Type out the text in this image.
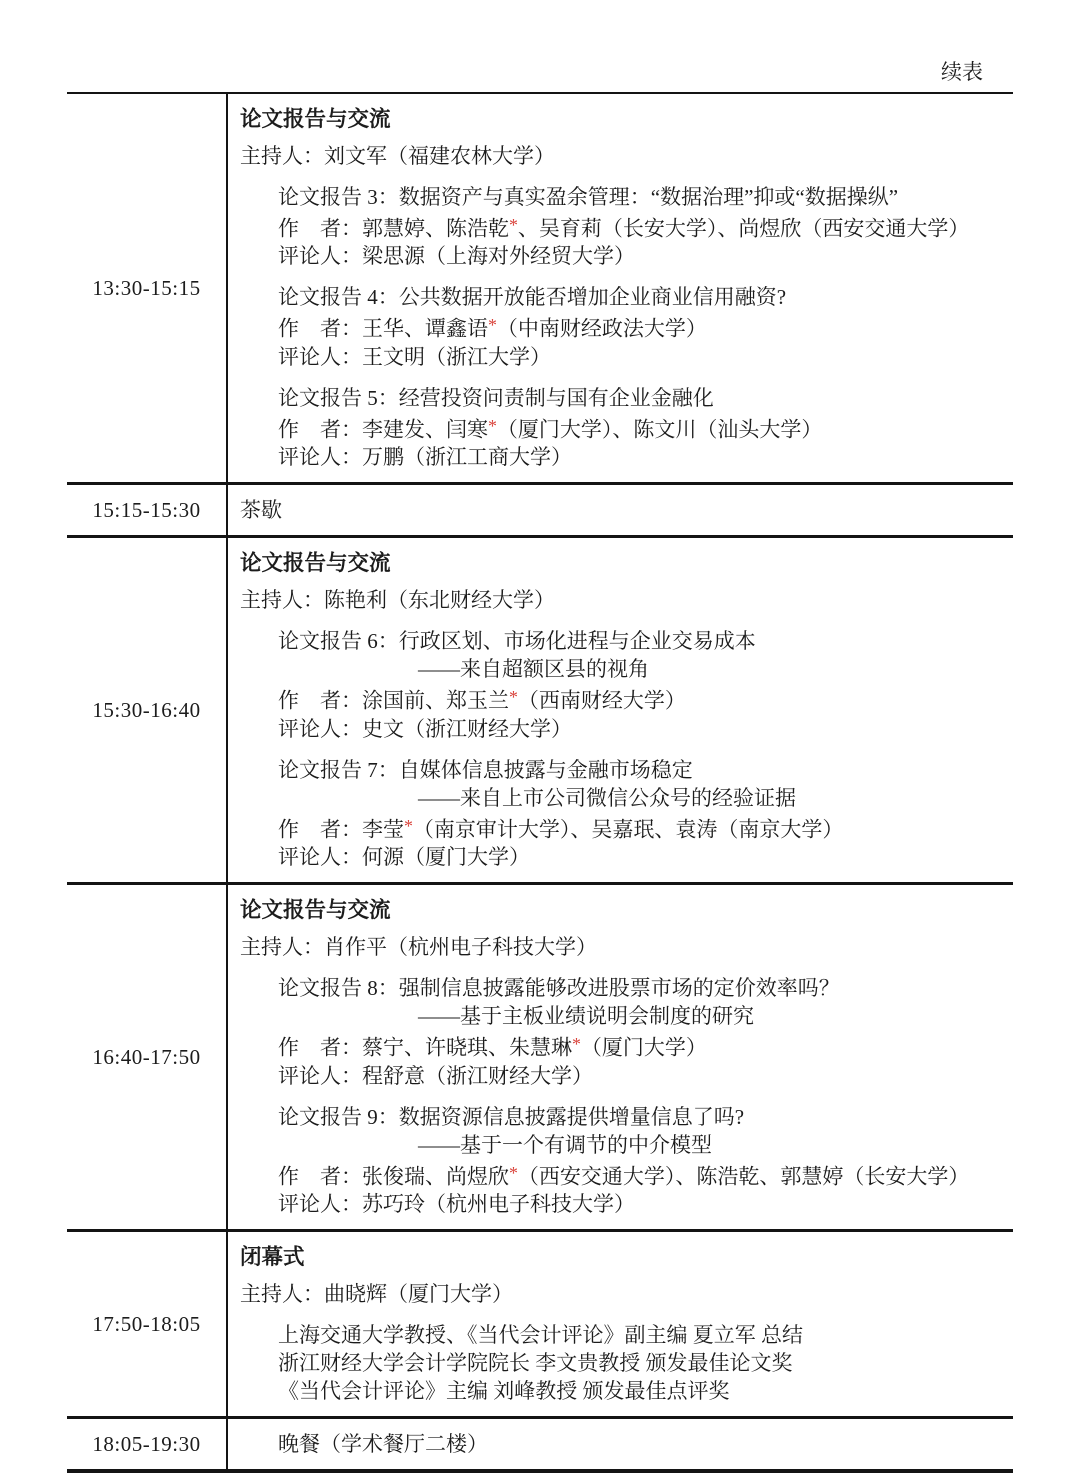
续表
13:30-15:15
论文报告与交流
主持人：刘文军（福建农林大学）
论文报告 3：数据资产与真实盈余管理：“数据治理”抑或“数据操纵”
作　者：郭慧婷、陈浩乾*、吴育莉（长安大学）、尚煜欣（西安交通大学）
评论人：梁思源（上海对外经贸大学）
论文报告 4：公共数据开放能否增加企业商业信用融资?
作　者：王华、谭鑫语*（中南财经政法大学）
评论人：王文明（浙江大学）
论文报告 5：经营投资问责制与国有企业金融化
作　者：李建发、闫寒*（厦门大学）、陈文川（汕头大学）
评论人：万鹏（浙江工商大学）
15:15-15:30	茶歇
15:30-16:40
论文报告与交流
主持人：陈艳利（东北财经大学）
论文报告 6：行政区划、市场化进程与企业交易成本
——来自超额区县的视角
作　者：涂国前、郑玉兰*（西南财经大学）
评论人：史文（浙江财经大学）
论文报告 7：自媒体信息披露与金融市场稳定
——来自上市公司微信公众号的经验证据
作　者：李莹*（南京审计大学）、吴嘉珉、袁涛（南京大学）
评论人：何源（厦门大学）
16:40-17:50
论文报告与交流
主持人：肖作平（杭州电子科技大学）
论文报告 8：强制信息披露能够改进股票市场的定价效率吗？
——基于主板业绩说明会制度的研究
作　者：蔡宁、许晓琪、朱慧琳*（厦门大学）
评论人：程舒意（浙江财经大学）
论文报告 9：数据资源信息披露提供增量信息了吗?
——基于一个有调节的中介模型
作　者：张俊瑞、尚煜欣*（西安交通大学）、陈浩乾、郭慧婷（长安大学）
评论人：苏巧玲（杭州电子科技大学）
17:50-18:05
闭幕式
主持人：曲晓辉（厦门大学）
上海交通大学教授、《当代会计评论》副主编 夏立军 总结
浙江财经大学会计学院院长 李文贵教授 颁发最佳论文奖
《当代会计评论》主编 刘峰教授 颁发最佳点评奖
18:05-19:30	晚餐（学术餐厅二楼）
